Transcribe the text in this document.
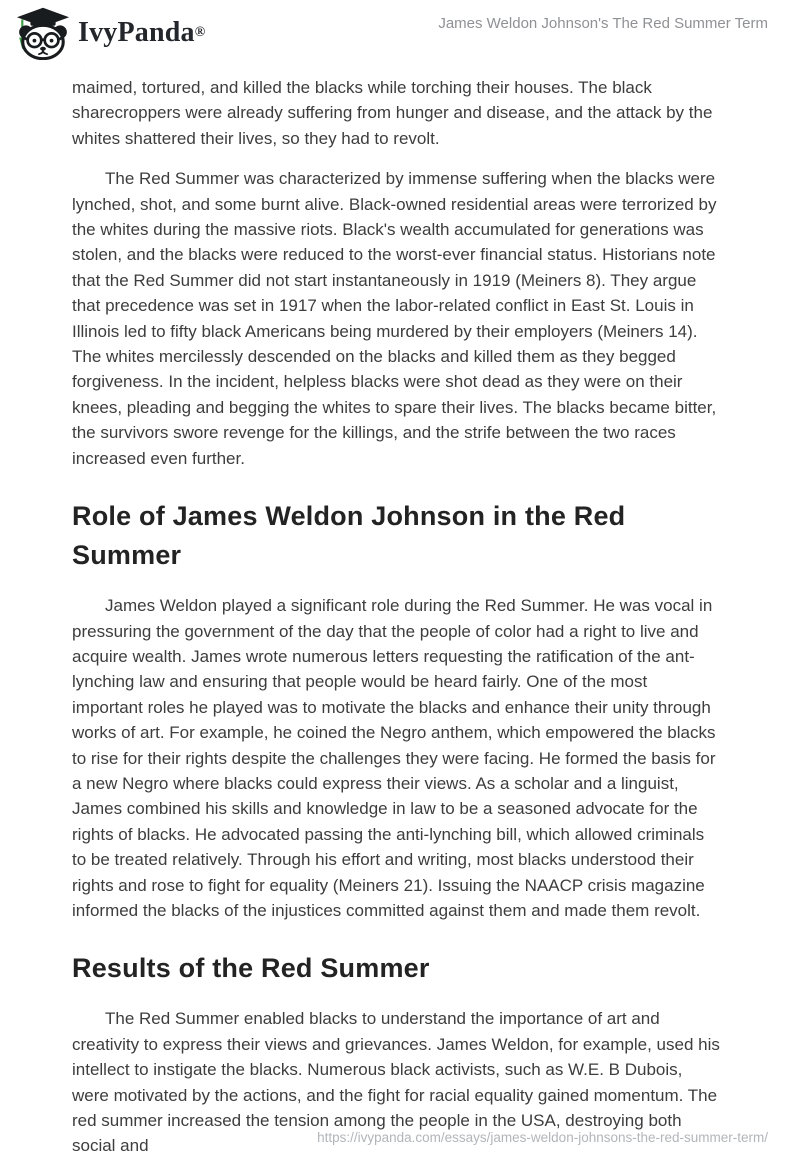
IvyPanda ®
James Weldon Johnson's The Red Summer Term

maimed, tortured, and killed the blacks while torching their houses. The black sharecroppers were already suffering from hunger and disease, and the attack by the whites shattered their lives, so they had to revolt.

The Red Summer was characterized by immense suffering when the blacks were lynched, shot, and some burnt alive. Black-owned residential areas were terrorized by the whites during the massive riots. Black's wealth accumulated for generations was stolen, and the blacks were reduced to the worst-ever financial status. Historians note that the Red Summer did not start instantaneously in 1919 (Meiners 8). They argue that precedence was set in 1917 when the labor-related conflict in East St. Louis in Illinois led to fifty black Americans being murdered by their employers (Meiners 14). The whites mercilessly descended on the blacks and killed them as they begged forgiveness. In the incident, helpless blacks were shot dead as they were on their knees, pleading and begging the whites to spare their lives. The blacks became bitter, the survivors swore revenge for the killings, and the strife between the two races increased even further.

Role of James Weldon Johnson in the Red Summer

James Weldon played a significant role during the Red Summer. He was vocal in pressuring the government of the day that the people of color had a right to live and acquire wealth. James wrote numerous letters requesting the ratification of the ant-lynching law and ensuring that people would be heard fairly. One of the most important roles he played was to motivate the blacks and enhance their unity through works of art. For example, he coined the Negro anthem, which empowered the blacks to rise for their rights despite the challenges they were facing. He formed the basis for a new Negro where blacks could express their views. As a scholar and a linguist, James combined his skills and knowledge in law to be a seasoned advocate for the rights of blacks. He advocated passing the anti-lynching bill, which allowed criminals to be treated relatively. Through his effort and writing, most blacks understood their rights and rose to fight for equality (Meiners 21). Issuing the NAACP crisis magazine informed the blacks of the injustices committed against them and made them revolt.

Results of the Red Summer

The Red Summer enabled blacks to understand the importance of art and creativity to express their views and grievances. James Weldon, for example, used his intellect to instigate the blacks. Numerous black activists, such as W.E. B Dubois, were motivated by the actions, and the fight for racial equality gained momentum. The red summer increased the tension among the people in the USA, destroying both social and	https://ivypanda.com/essays/james-weldon-johnsons-the-red-summer-term/
